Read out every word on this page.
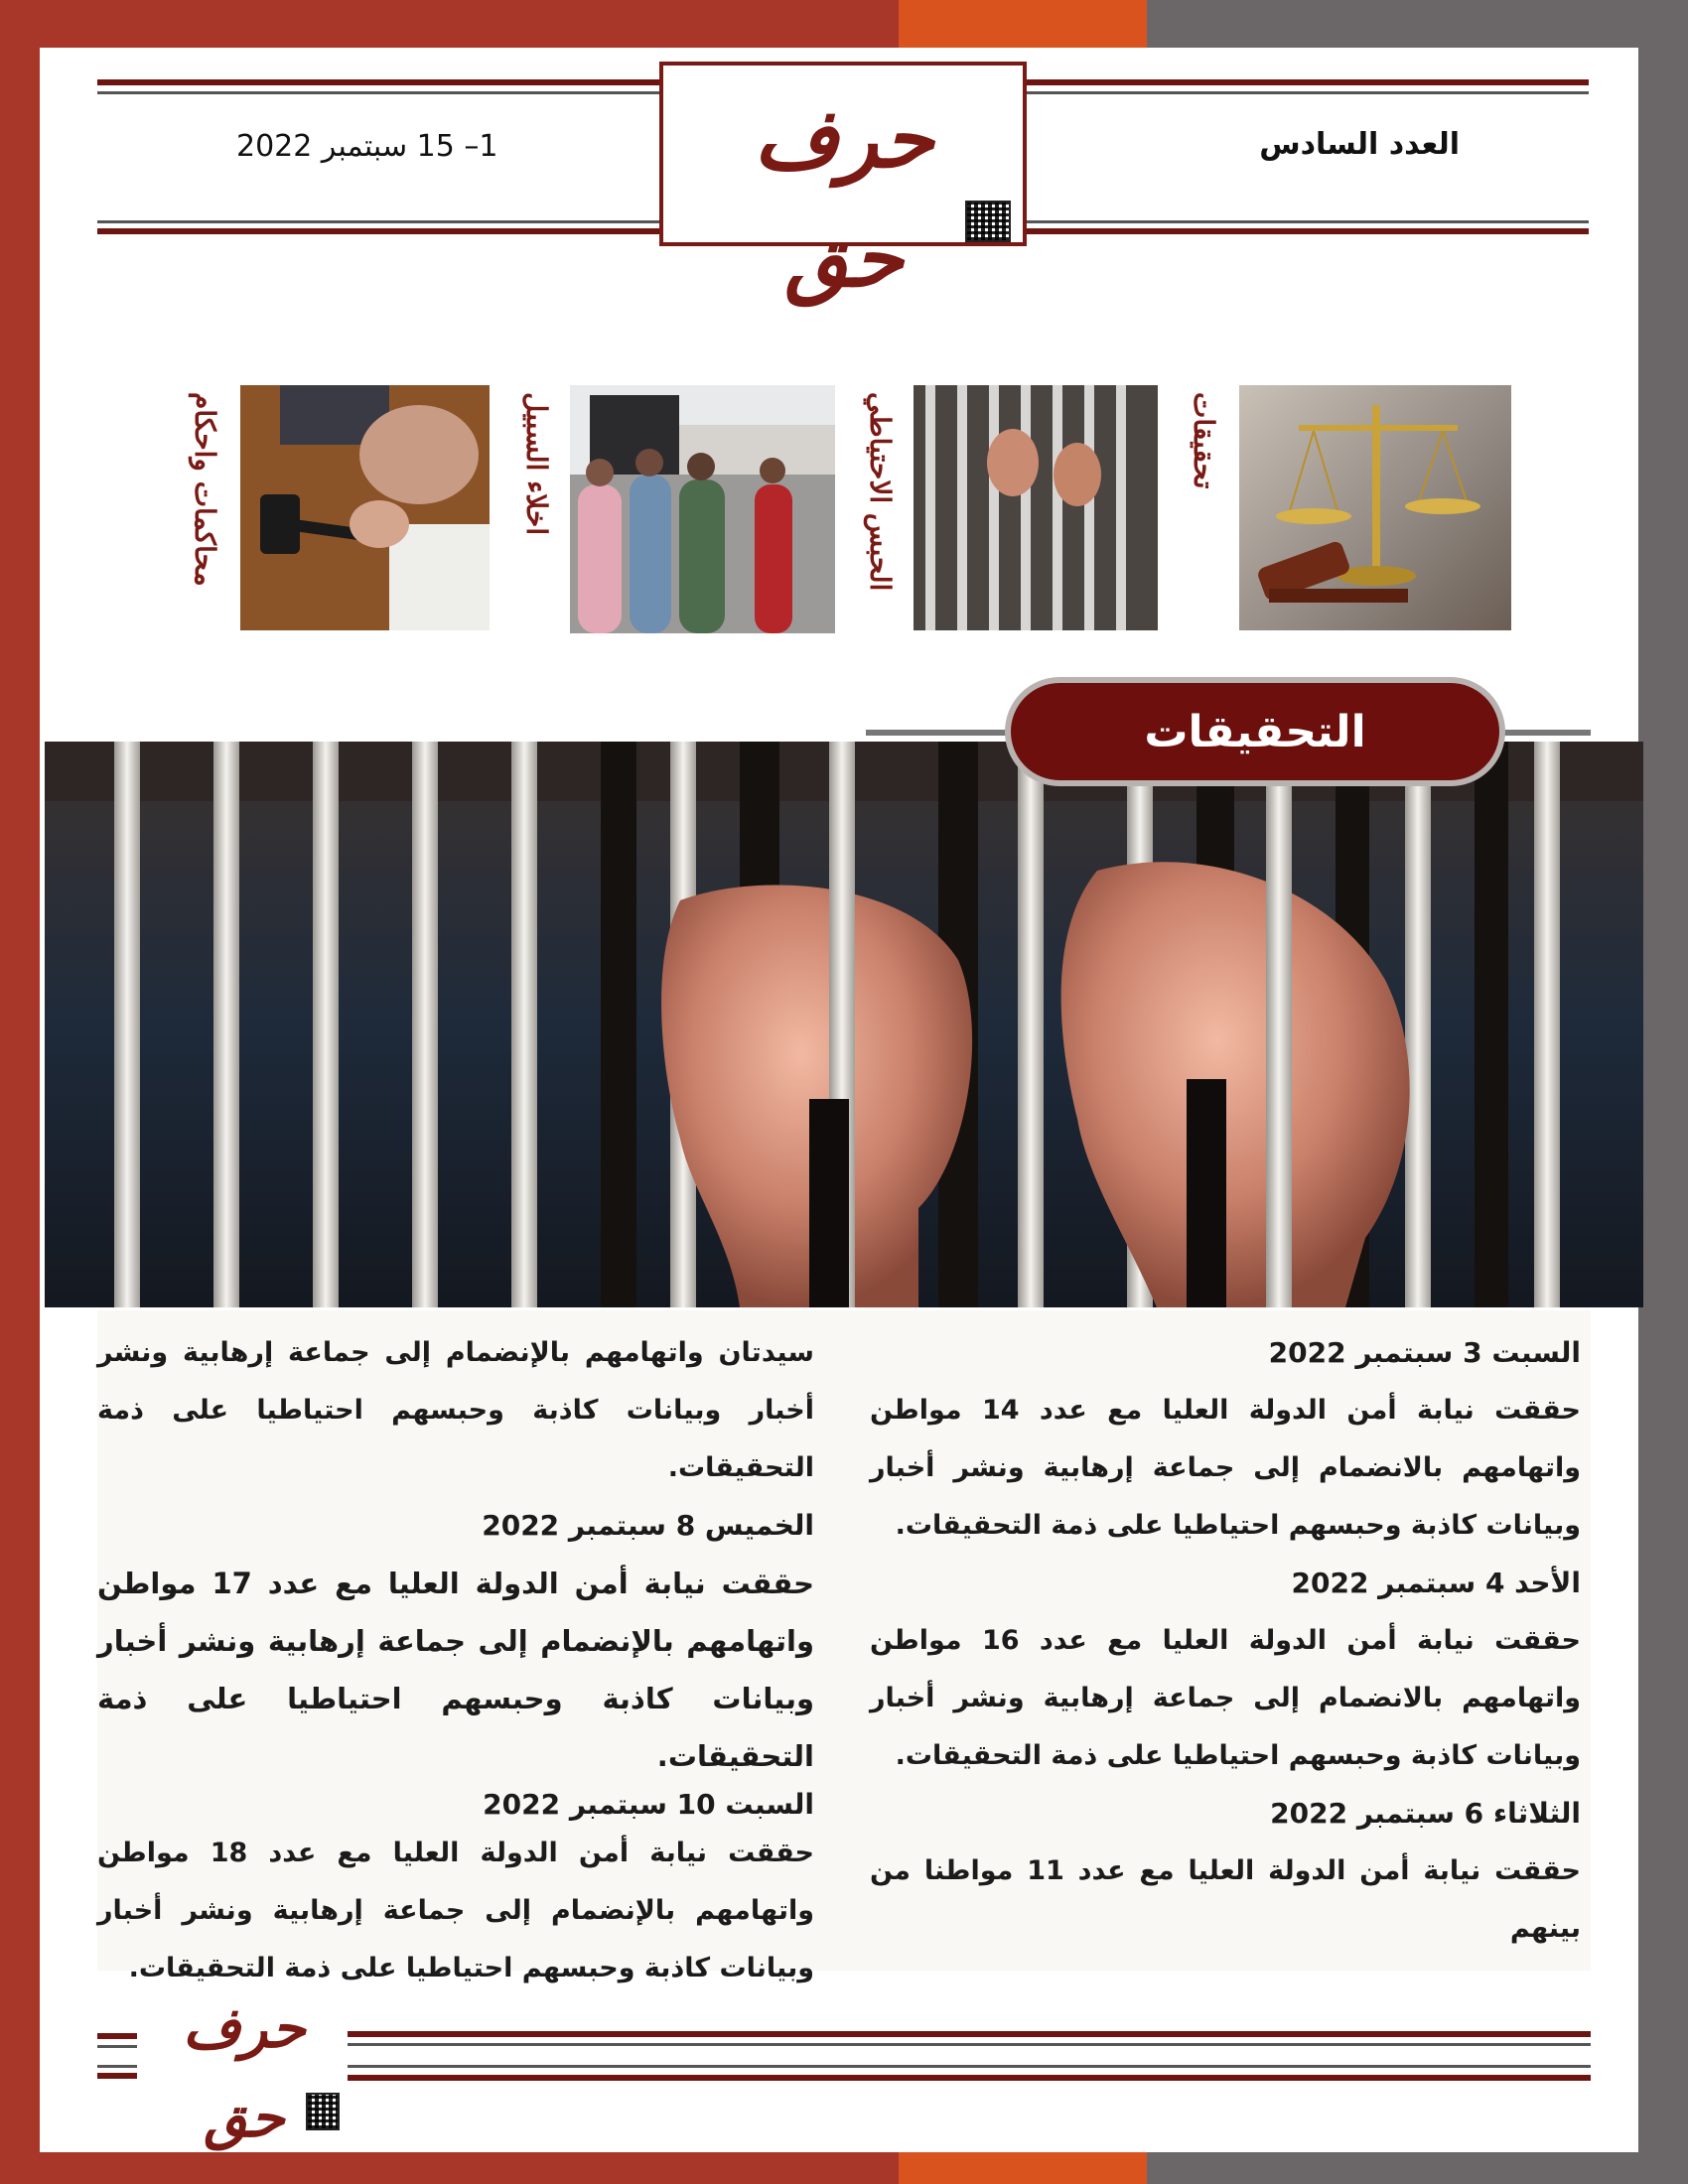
حرف حق
العدد السادس
1– 15 سبتمبر 2022
تحقيقات
الحبس الاحتياطي
اخلاء السبيل
محاكمات واحكام
التحقيقات

السبت 3 سبتمبر 2022

حققت نيابة أمن الدولة العليا مع عدد 14 مواطن واتهامهم بالانضمام إلى جماعة إرهابية ونشر أخبار وبيانات كاذبة وحبسهم احتياطيا على ذمة التحقيقات.

الأحد 4 سبتمبر 2022

حققت نيابة أمن الدولة العليا مع عدد 16 مواطن واتهامهم بالانضمام إلى جماعة إرهابية ونشر أخبار وبيانات كاذبة وحبسهم احتياطيا على ذمة التحقيقات.

الثلاثاء 6 سبتمبر 2022

حققت نيابة أمن الدولة العليا مع عدد 11 مواطنا من بينهم

سيدتان واتهامهم بالإنضمام إلى جماعة إرهابية ونشر أخبار وبيانات كاذبة وحبسهم احتياطيا على ذمة التحقيقات.

الخميس 8 سبتمبر 2022

حققت نيابة أمن الدولة العليا مع عدد 17 مواطن واتهامهم بالإنضمام إلى جماعة إرهابية ونشر أخبار وبيانات كاذبة وحبسهم احتياطيا على ذمة التحقيقات.

السبت 10 سبتمبر 2022

حققت نيابة أمن الدولة العليا مع عدد 18 مواطن واتهامهم بالإنضمام إلى جماعة إرهابية ونشر أخبار وبيانات كاذبة وحبسهم احتياطيا على ذمة التحقيقات.

حرف حق
